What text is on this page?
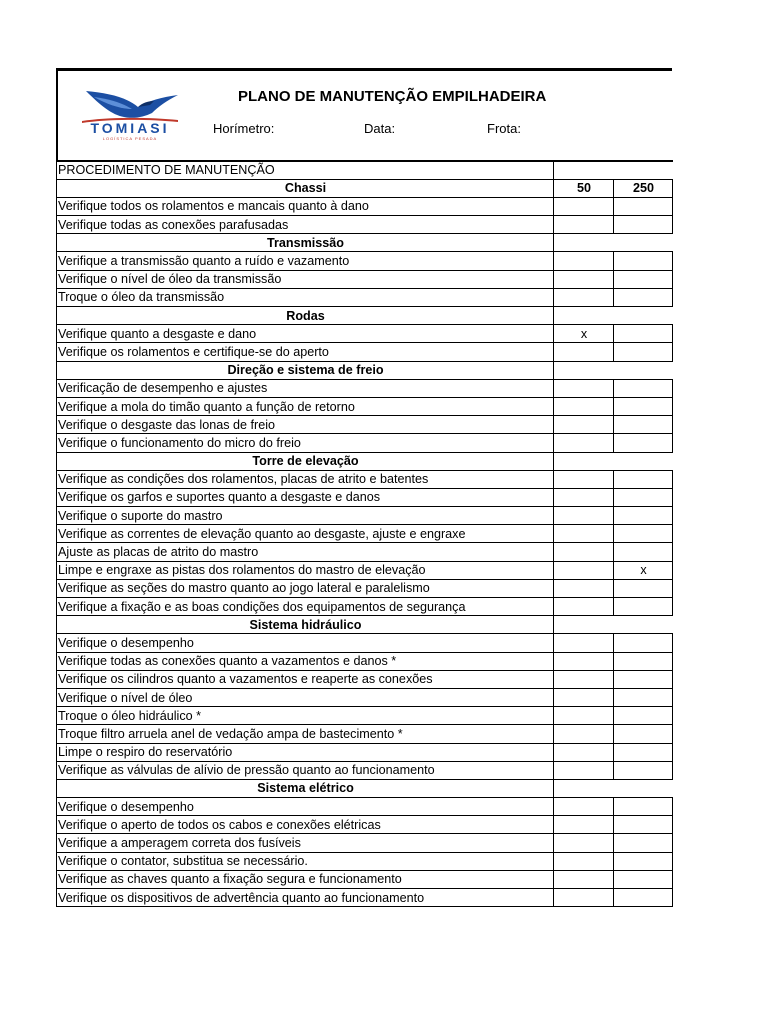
TOMIASI
LOGÍSTICA PESADA
PLANO DE MANUTENÇÃO EMPILHADEIRA
Horímetro:	Data:	Frota:
PROCEDIMENTO DE MANUTENÇÃO		
Chassi	50	250
Verifique todos os rolamentos e mancais quanto à dano		
Verifique todas as conexões parafusadas		
Transmissão		
Verifique a transmissão quanto a ruído e vazamento		
Verifique o nível de óleo da transmissão		
Troque o óleo da transmissão		
Rodas		
Verifique quanto a desgaste e dano	x	
Verifique os rolamentos e certifique-se do aperto		
Direção e sistema de freio		
Verificação de desempenho e ajustes		
Verifique a mola do timão quanto a função de retorno		
Verifique o desgaste das lonas de freio		
Verifique o funcionamento do micro do freio		
Torre de elevação		
Verifique as condições dos rolamentos, placas de atrito e batentes		
Verifique os garfos e suportes quanto a desgaste e danos		
Verifique o suporte do mastro		
Verifique as correntes de elevação quanto ao desgaste, ajuste e engraxe		
Ajuste as placas de atrito do mastro		
Limpe e engraxe as pistas dos rolamentos do mastro de elevação		x
Verifique as seções do mastro quanto ao jogo lateral e paralelismo		
Verifique a fixação e as boas condições dos equipamentos de segurança		
Sistema hidráulico		
Verifique o desempenho		
Verifique todas as conexões quanto a vazamentos e danos *		
Verifique os cilindros quanto a vazamentos e reaperte as conexões		
Verifique o nível de óleo		
Troque o óleo hidráulico *		
Troque filtro arruela anel de vedação ampa de bastecimento *		
Limpe o respiro do reservatório		
Verifique as válvulas de alívio de pressão quanto ao funcionamento		
Sistema elétrico		
Verifique o desempenho		
Verifique o aperto de todos os cabos e conexões elétricas		
Verifique a amperagem correta dos fusíveis		
Verifique o contator, substitua se necessário.		
Verifique as chaves quanto a fixação segura e funcionamento		
Verifique os dispositivos de advertência quanto ao funcionamento		
